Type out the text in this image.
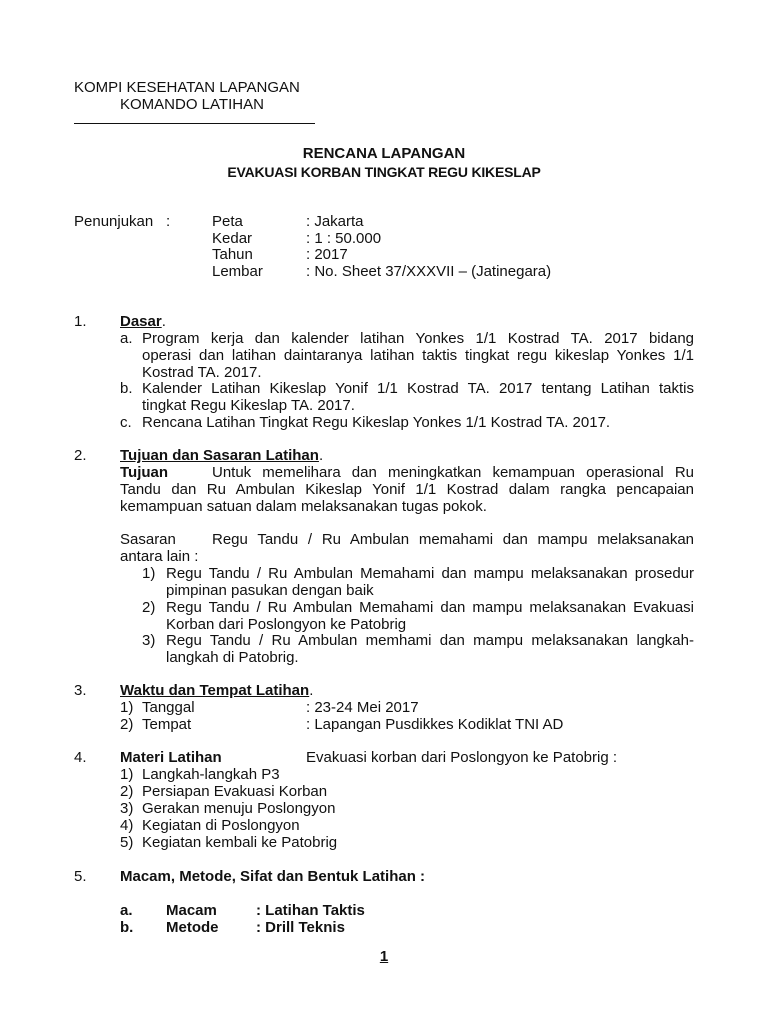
KOMPI KESEHATAN LAPANGAN
KOMANDO LATIHAN
RENCANA LAPANGAN
EVAKUASI KORBAN TINGKAT REGU KIKESLAP
Penunjukan :	Peta	: Jakarta
Kedar	: 1 : 50.000
Tahun	: 2017
Lembar	: No. Sheet 37/XXXVII – (Jatinegara)
1. Dasar.
a. Program kerja dan kalender latihan Yonkes 1/1 Kostrad TA. 2017 bidang
operasi dan latihan daintaranya latihan taktis tingkat regu kikeslap Yonkes 1/1
Kostrad TA. 2017.
b. Kalender Latihan Kikeslap Yonif 1/1 Kostrad TA. 2017 tentang Latihan taktis
tingkat Regu Kikeslap TA. 2017.
c. Rencana Latihan Tingkat Regu Kikeslap Yonkes 1/1 Kostrad TA. 2017.
2. Tujuan dan Sasaran Latihan.
Tujuan	Untuk memelihara dan meningkatkan kemampuan operasional Ru
Tandu dan Ru Ambulan Kikeslap Yonif 1/1 Kostrad dalam rangka pencapaian
kemampuan satuan dalam melaksanakan tugas pokok.
Sasaran Regu Tandu / Ru Ambulan memahami dan mampu melaksanakan
antara lain :
1) Regu Tandu / Ru Ambulan Memahami dan mampu melaksanakan prosedur
pimpinan pasukan dengan baik
2) Regu Tandu / Ru Ambulan Memahami dan mampu melaksanakan Evakuasi
Korban dari Poslongyon ke Patobrig
3) Regu Tandu / Ru Ambulan memhami dan mampu melaksanakan langkah-
langkah di Patobrig.
3. Waktu dan Tempat Latihan.
1) Tanggal	: 23-24 Mei 2017
2) Tempat	: Lapangan Pusdikkes Kodiklat TNI AD
4. Materi Latihan	Evakuasi korban dari Poslongyon ke Patobrig :
1) Langkah-langkah P3
2) Persiapan Evakuasi Korban
3) Gerakan menuju Poslongyon
4) Kegiatan di Poslongyon
5) Kegiatan kembali ke Patobrig
5. Macam, Metode, Sifat dan Bentuk Latihan :
a. Macam	: Latihan Taktis
b. Metode	: Drill Teknis
1
